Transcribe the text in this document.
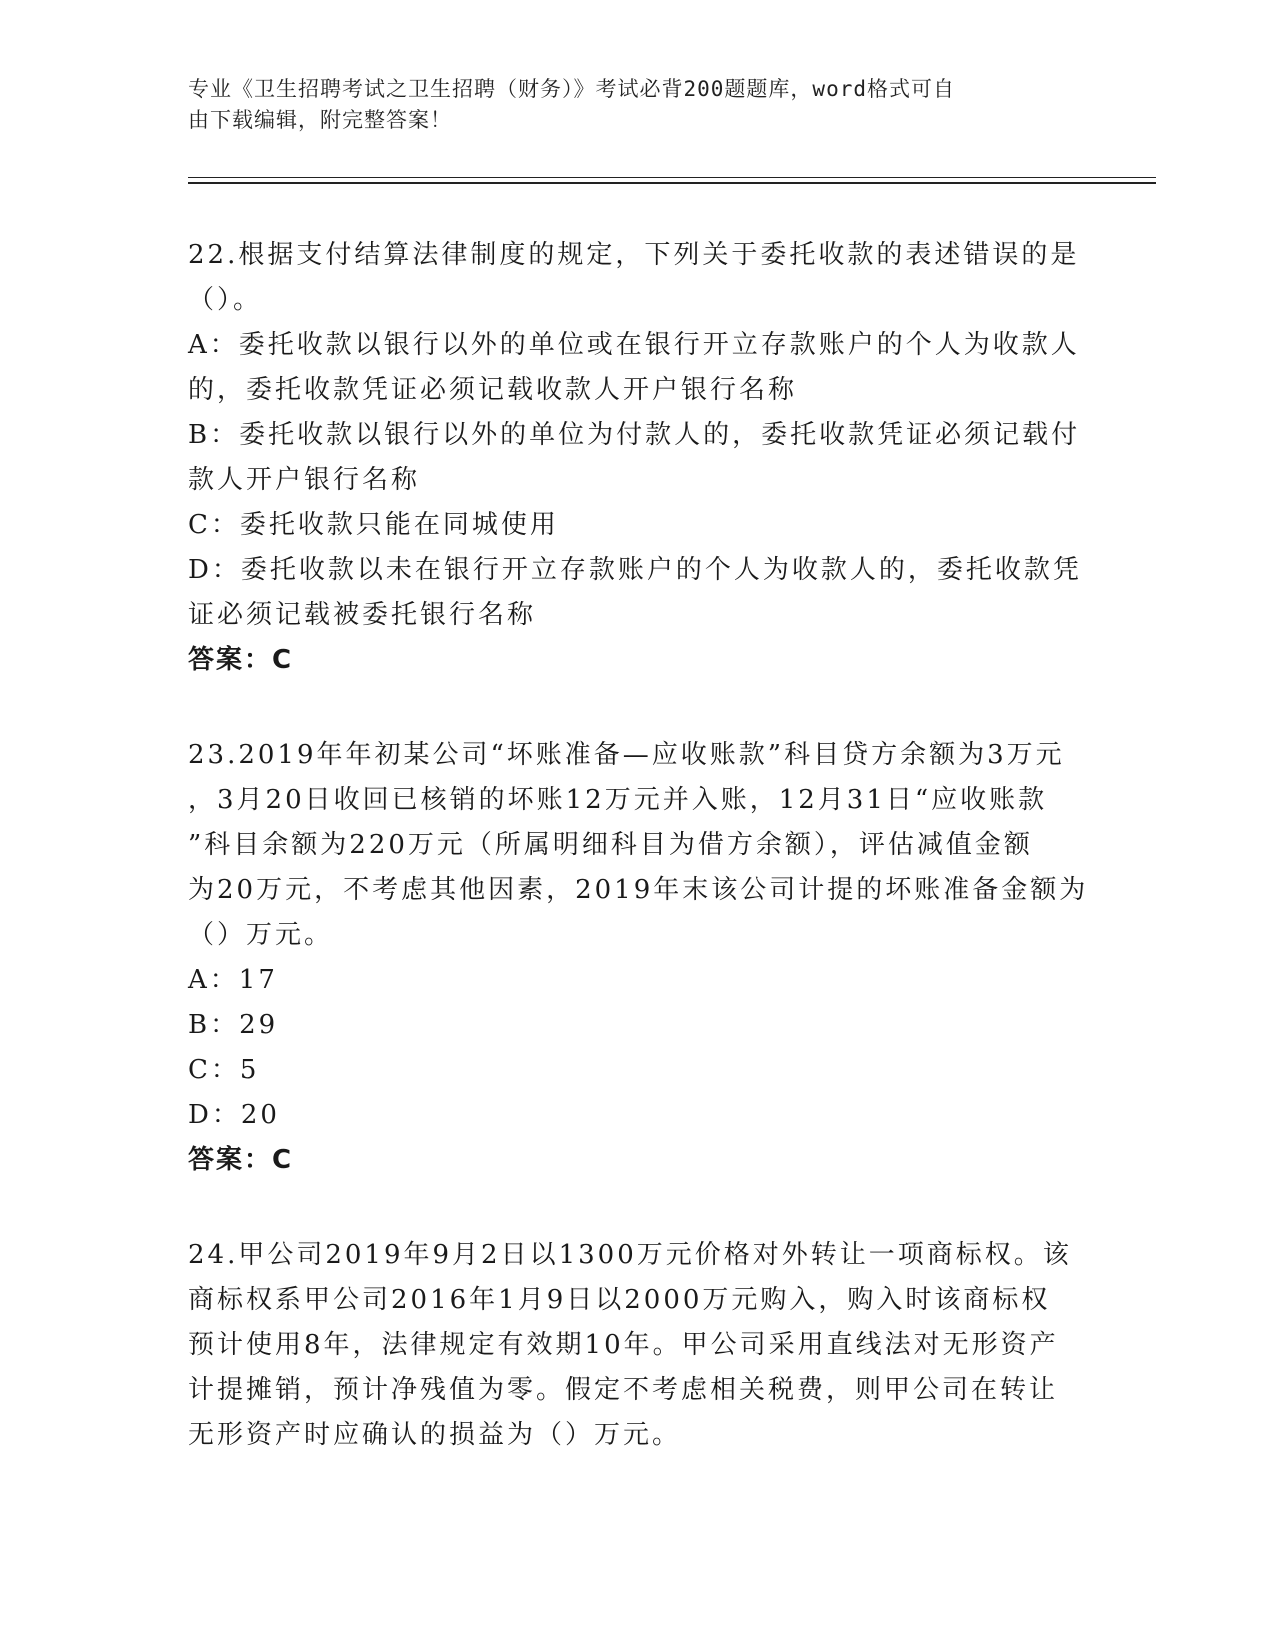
专业《卫生招聘考试之卫生招聘（财务）》考试必背200题题库，word格式可自
由下载编辑，附完整答案！
22.根据支付结算法律制度的规定，下列关于委托收款的表述错误的是
（）。
A：委托收款以银行以外的单位或在银行开立存款账户的个人为收款人
的，委托收款凭证必须记载收款人开户银行名称
B：委托收款以银行以外的单位为付款人的，委托收款凭证必须记载付
款人开户银行名称
C：委托收款只能在同城使用
D：委托收款以未在银行开立存款账户的个人为收款人的，委托收款凭
证必须记载被委托银行名称
答案：C
23.2019年年初某公司“坏账准备—应收账款”科目贷方余额为3万元
，3月20日收回已核销的坏账12万元并入账，12月31日“应收账款
”科目余额为220万元（所属明细科目为借方余额），评估减值金额
为20万元，不考虑其他因素，2019年末该公司计提的坏账准备金额为
（）万元。
A：17
B：29
C：5
D：20
答案：C
24.甲公司2019年9月2日以1300万元价格对外转让一项商标权。该
商标权系甲公司2016年1月9日以2000万元购入，购入时该商标权
预计使用8年，法律规定有效期10年。甲公司采用直线法对无形资产
计提摊销，预计净残值为零。假定不考虑相关税费，则甲公司在转让
无形资产时应确认的损益为（）万元。
